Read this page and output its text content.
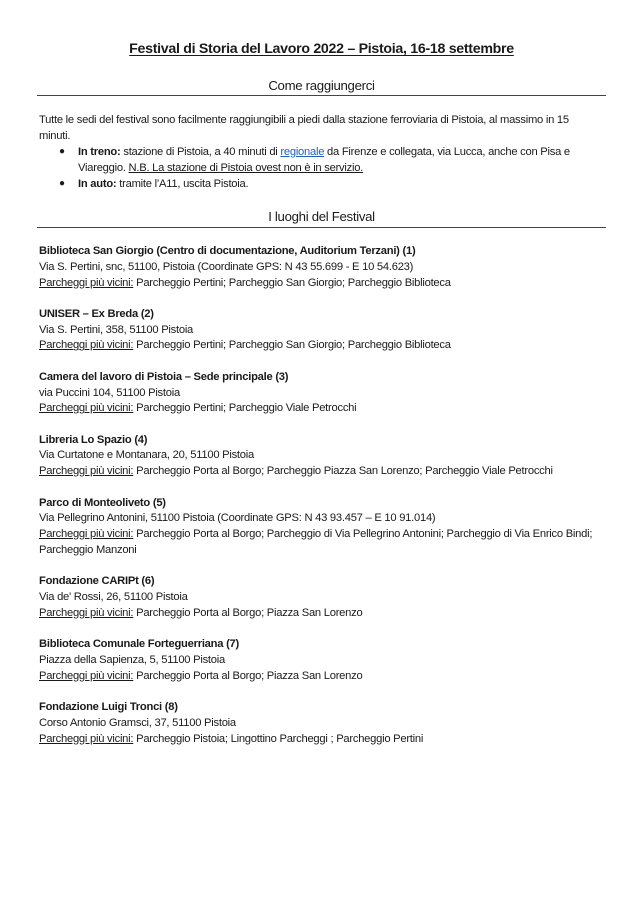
Festival di Storia del Lavoro 2022 – Pistoia, 16-18 settembre
Come raggiungerci
Tutte le sedi del festival sono facilmente raggiungibili a piedi dalla stazione ferroviaria di Pistoia, al massimo in 15 minuti.
● In treno: stazione di Pistoia, a 40 minuti di regionale da Firenze e collegata, via Lucca, anche con Pisa e Viareggio. N.B. La stazione di Pistoia ovest non è in servizio.
● In auto: tramite l’A11, uscita Pistoia.
I luoghi del Festival
Biblioteca San Giorgio (Centro di documentazione, Auditorium Terzani) (1)
Via S. Pertini, snc, 51100, Pistoia (Coordinate GPS: N 43 55.699 - E 10 54.623)
Parcheggi più vicini: Parcheggio Pertini; Parcheggio San Giorgio; Parcheggio Biblioteca
UNISER – Ex Breda (2)
Via S. Pertini, 358, 51100 Pistoia
Parcheggi più vicini: Parcheggio Pertini; Parcheggio San Giorgio; Parcheggio Biblioteca
Camera del lavoro di Pistoia – Sede principale (3)
via Puccini 104, 51100 Pistoia
Parcheggi più vicini: Parcheggio Pertini; Parcheggio Viale Petrocchi
Libreria Lo Spazio (4)
Via Curtatone e Montanara, 20, 51100 Pistoia
Parcheggi più vicini: Parcheggio Porta al Borgo; Parcheggio Piazza San Lorenzo; Parcheggio Viale Petrocchi
Parco di Monteoliveto (5)
Via Pellegrino Antonini, 51100 Pistoia (Coordinate GPS: N 43 93.457 – E 10 91.014)
Parcheggi più vicini: Parcheggio Porta al Borgo; Parcheggio di Via Pellegrino Antonini; Parcheggio di Via Enrico Bindi; Parcheggio Manzoni
Fondazione CARIPt (6)
Via de' Rossi, 26, 51100 Pistoia
Parcheggi più vicini: Parcheggio Porta al Borgo; Piazza San Lorenzo
Biblioteca Comunale Forteguerriana (7)
Piazza della Sapienza, 5, 51100 Pistoia
Parcheggi più vicini: Parcheggio Porta al Borgo; Piazza San Lorenzo
Fondazione Luigi Tronci (8)
Corso Antonio Gramsci, 37, 51100 Pistoia
Parcheggi più vicini: Parcheggio Pistoia; Lingottino Parcheggi ; Parcheggio Pertini
